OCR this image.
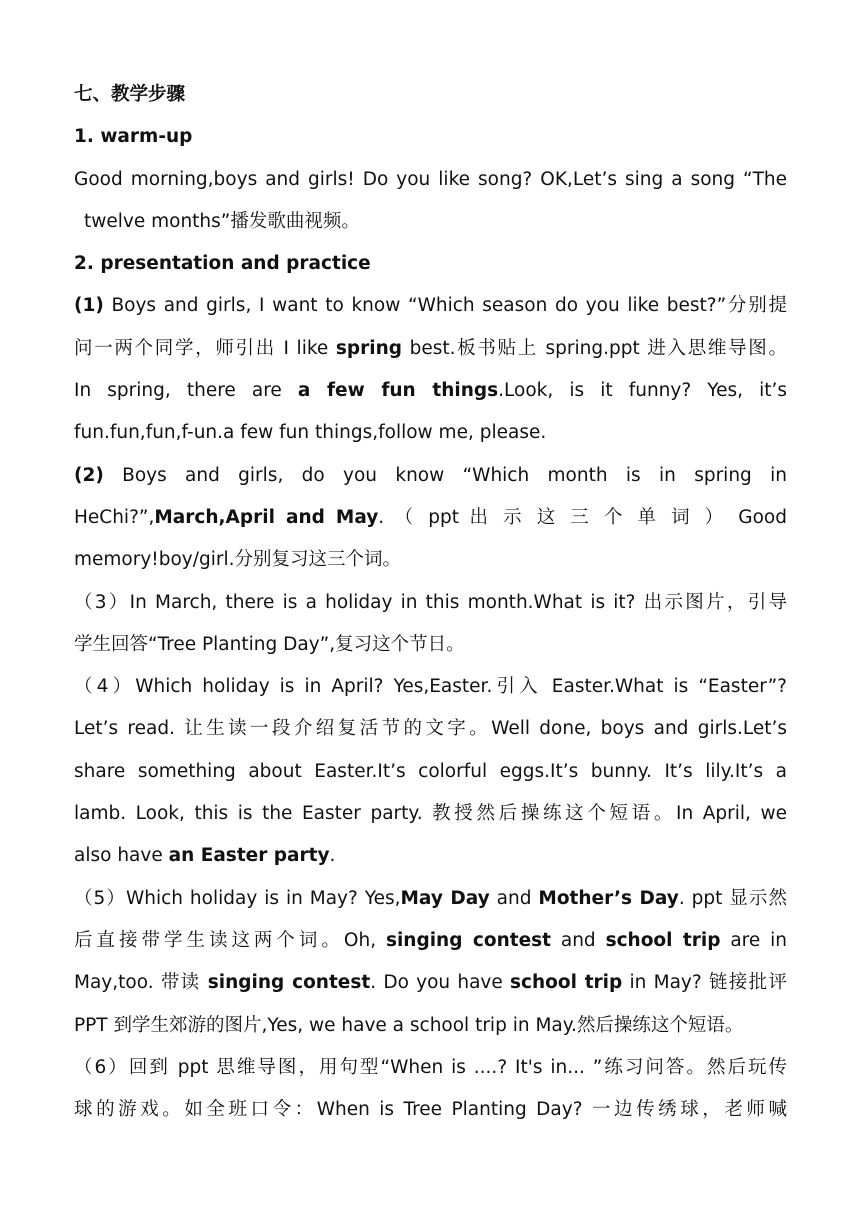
七、教学步骤
1. warm-up
Good morning,boys and girls! Do you like song? OK,Let’s sing a song “The
twelve months”播发歌曲视频。
2. presentation and practice
(1) Boys and girls, I want to know “Which season do you like best?”分别提
问一两个同学，师引出 I like spring best.板书贴上 spring.ppt 进入思维导图。
In spring, there are a few fun things.Look, is it funny? Yes, it’s
fun.fun,fun,f-un.a few fun things,follow me, please.
(2) Boys and girls, do you know “Which month is in spring in
HeChi?”,March,April and May. （ ppt 出 示 这 三 个 单 词 ） Good
memory!boy/girl.分别复习这三个词。
（3）In March, there is a holiday in this month.What is it? 出示图片，引导
学生回答“Tree Planting Day”,复习这个节日。
（4）Which holiday is in April? Yes,Easter.引入 Easter.What is “Easter”?
Let’s read. 让生读一段介绍复活节的文字。Well done, boys and girls.Let’s
share something about Easter.It’s colorful eggs.It’s bunny. It’s lily.It’s a
lamb. Look, this is the Easter party. 教授然后操练这个短语。In April, we
also have an Easter party.
（5）Which holiday is in May? Yes,May Day and Mother’s Day. ppt 显示然
后直接带学生读这两个词。Oh, singing contest and school trip are in
May,too. 带读 singing contest. Do you have school trip in May? 链接批评
PPT 到学生郊游的图片,Yes, we have a school trip in May.然后操练这个短语。
（6）回到 ppt 思维导图，用句型“When is ....? It's in... ”练习问答。然后玩传
球的游戏。如全班口令：When is Tree Planting Day? 一边传绣球，老师喊
